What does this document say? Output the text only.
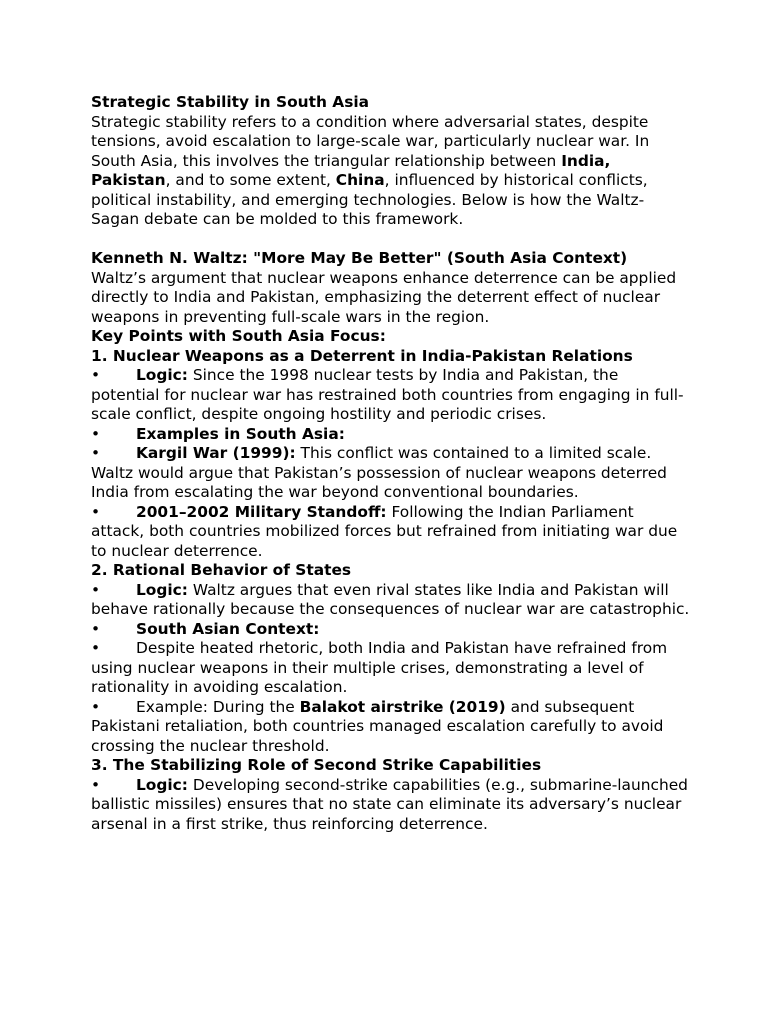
Strategic Stability in South Asia

Strategic stability refers to a condition where adversarial states, despite tensions, avoid escalation to large-scale war, particularly nuclear war. In South Asia, this involves the triangular relationship between India, Pakistan, and to some extent, China, influenced by historical conflicts, political instability, and emerging technologies. Below is how the Waltz-Sagan debate can be molded to this framework.

Kenneth N. Waltz: "More May Be Better" (South Asia Context)

Waltz’s argument that nuclear weapons enhance deterrence can be applied directly to India and Pakistan, emphasizing the deterrent effect of nuclear weapons in preventing full-scale wars in the region.

Key Points with South Asia Focus:

1. Nuclear Weapons as a Deterrent in India-Pakistan Relations

• Logic: Since the 1998 nuclear tests by India and Pakistan, the potential for nuclear war has restrained both countries from engaging in full-scale conflict, despite ongoing hostility and periodic crises.

• Examples in South Asia:

• Kargil War (1999): This conflict was contained to a limited scale. Waltz would argue that Pakistan’s possession of nuclear weapons deterred India from escalating the war beyond conventional boundaries.

• 2001–2002 Military Standoff: Following the Indian Parliament attack, both countries mobilized forces but refrained from initiating war due to nuclear deterrence.

2. Rational Behavior of States

• Logic: Waltz argues that even rival states like India and Pakistan will behave rationally because the consequences of nuclear war are catastrophic.

• South Asian Context:

• Despite heated rhetoric, both India and Pakistan have refrained from using nuclear weapons in their multiple crises, demonstrating a level of rationality in avoiding escalation.

• Example: During the Balakot airstrike (2019) and subsequent Pakistani retaliation, both countries managed escalation carefully to avoid crossing the nuclear threshold.

3. The Stabilizing Role of Second Strike Capabilities

• Logic: Developing second-strike capabilities (e.g., submarine-launched ballistic missiles) ensures that no state can eliminate its adversary’s nuclear arsenal in a first strike, thus reinforcing deterrence.
